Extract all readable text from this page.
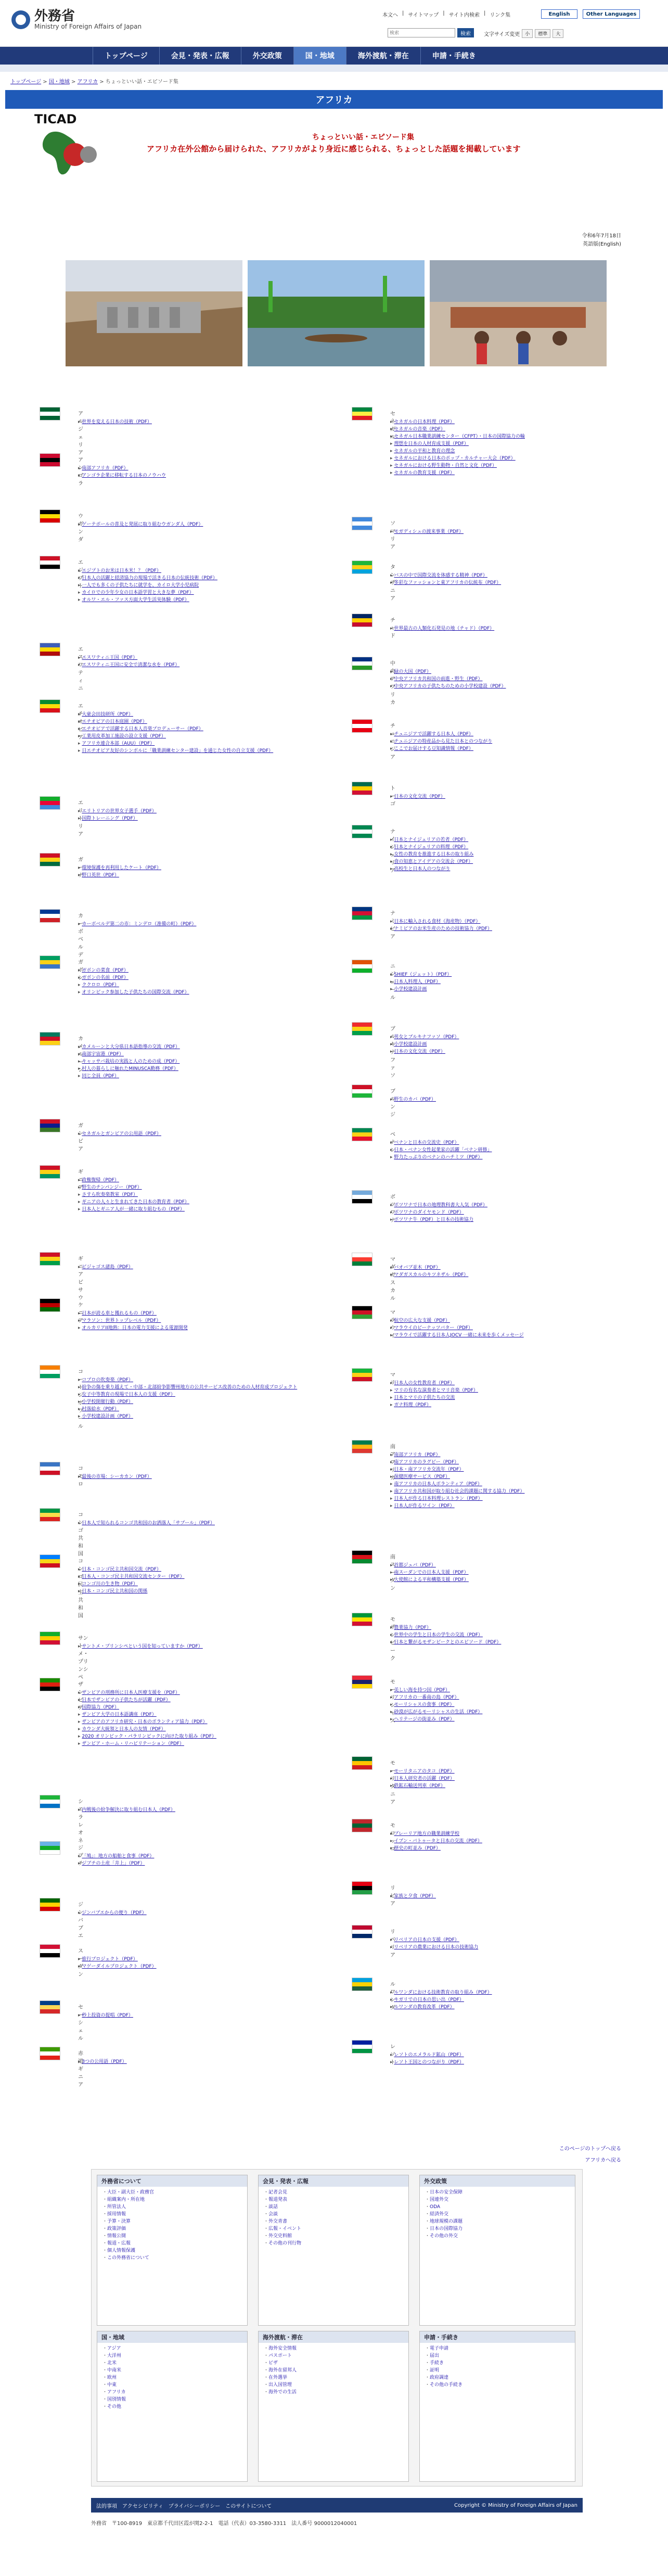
外務省
Ministry of Foreign Affairs of Japan
本文へ | サイトマップ | サイト内検索 | リンク集	English	Other Languages
検索
検索	文字サイズ変更	小	標準	大
トップページ	会見・発表・広報	外交政策	国・地域	海外渡航・滞在	申請・手続き
トップページ > 国・地域 > アフリカ > ちょっといい話・エピソード集
アフリカ
TICAD
ちょっといい話・エピソード集
アフリカ在外公館から届けられた、アフリカがより身近に感じられる、ちょっとした話題を掲載しています
令和6年7月18日
英語版(English)
アルジェリア
▸ 世界を変える日本の技術（PDF）
アンゴラ
▸ 南部アフリカ（PDF）
▸ アンゴラ企業に移転する日本のノウハウ
ウガンダ
▸ ゲーテボールの普及と発展に取り組むウガンダ人（PDF）
エジプト
▸ エジプトのお米は日本米！？（PDF）
▸ 日本人の活躍と経済協力の現場で活きる日本の伝統技術（PDF）
▸ 一人でも多くの子供たちに就学を、カイロ大学小児病院
▸ カイロでの少年少女の日本語学習と大きな夢（PDF）
▸ オルワ・エル・ファス方面大学生活実体験（PDF）
エスワティニ
▸ エスワティニ王国（PDF）
▸ エスワティニ王国に安全で清潔な水を（PDF）
エチオピア
▸ 大豪会田技研所（PDF）
▸ エチオピアの日本庭園（PDF）
▸ エチオピアで活躍する日本人音楽プロデューサー（PDF）
▸ 工業用皮革加工施設の設立支援（PDF）
▸ アフリカ連合本部（AUU）（PDF）
▸ 日エチオピア友好のシンボルに「職業訓練センター建設」を通じた女性の自立支援（PDF）
エリトリア
▸ エリトリアの世界女子選手（PDF）
▸ 国際トレーニング（PDF）
ガーナ
▸ 環境保護を再利用したケート（PDF）
▸ 野口英世（PDF）
カーボベルデ
▸ カーボベルデ第二の市：ミンデロ（准備の町）（PDF）
ガボン
▸ ガボンの菜食（PDF）
▸ ガボンの名前（PDF）
▸ ククロロ（PDF）
▸ オリンピック参加した子供たちの国際交流（PDF）
カメルーン
▸ カメルーンと大分県日本語指導の交流（PDF）
▸ 南部宇宙港（PDF）
▸ キャッサバ栽培の実践と人のための成（PDF）
▸ 村人の暮らしに触れたMINUSCA勤務（PDF）
▸ 同じ全員（PDF）
ガンビア
▸ セネガルとガンビアの公用語（PDF）
ギニア
▸ 政権復帰（PDF）
▸ 野生のチンパンジー（PDF）
▸ さすら吹奏楽教室（PDF）
▸ ギニアの人々と生まれてきた日本の教育者（PDF）
▸ 日本人とギニア人が一緒に取り組むもの（PDF）
ギニアビサウ
▸ ビジャゴス諸島（PDF）
ケニア
▸ 日本が誇る車と獲れるもの（PDF）
▸ マラソン：世界トップレベル（PDF）
▸ オルカリアII地熱：日本の電力支援による電源開発
コートジボワール
▸ コプロの吹奏楽（PDF）
▸ 紛争の傷を乗り越えて・中部・北部紛争影響州地方の公共サービス改善のための人材育成プロジェクト
▸ 女子中等教育の現場で日本人の支援（PDF）
▸ 小学校開催行動（PDF）
▸ 村落給水（PDF）
▸ 小学校建設計画（PDF）
コモロ
▸ 最後の市場：シーカカン（PDF）
コンゴ共和国
▸ 日本人で知られるコンゴ共和国のお洒落人「サプール」（PDF）
コンゴ民主共和国
▸ 日本・コンゴ民主共和国交流（PDF）
▸ 日本人・コンゴ民主共和国交流センター（PDF）
▸ コンゴ川の生き物（PDF）
▸ 日本・コンゴ民主共和国の関係
サントメ・プリンシペ
▸ サントメ・プリンシペという国を知っていますか（PDF）
ザンビア
▸ ザンビアの刑務所に日本人医療支援を（PDF）
▸ 日本でザンビアの子供たちが活躍（PDF）
▸ 国際協力（PDF）
▸ ザンビア大学の日本語講座（PDF）
▸ ザンビアのアフリカ研究・日本のボランティア協力（PDF）
▸ カウンダ大統領と日本人の友情（PDF）
▸ 2020 オリンピック・パラリンピックに向けた取り組み（PDF）
▸ ザンビア・ホーム・リハビリテーション（PDF）
シエラレオネ
▸ 内戦後の紛争解決に取り組む日本人（PDF）
ジブチ
▸ 「鳩」：地方の船舶と食事（PDF）
▸ ジブチの土産「井上」（PDF）
ジンバブエ
▸ ジンバブエからの便り（PDF）
スーダン
▸ 旅行プロジェクト（PDF）
▸ マゲーダイルプロジェクト（PDF）
セーシェル
▸ 秒上投資の提唱（PDF）
赤道ギニア
▸ 3つの公用語（PDF）
セネガル
▸ セネガルの日本料理（PDF）
▸ セネガルの音楽（PDF）
▸ セネガル日本職業訓練センター（CFPT）・日本の国際協力の輪
▸ 理想を日本の人材育成支援（PDF）
▸ セネガルの平和と教育の理念
▸ セネガルにおける日本のポップ・カルチャー大会（PDF）
▸ セネガルにおける野生動物・自然と文化（PDF）
▸ セネガルの教育支援（PDF）
ソマリア
▸ モガディシュの渡来事業（PDF）
タンザニア
▸ バスの中で国際交流を体感する精神（PDF）
▸ 多彩なファッションと東アフリカの伝統布（PDF）
チャド
▸ 世界最古の人類化石発見の地（チャド）（PDF）
中央アフリカ
▸ 緑の大国（PDF）
▸ 中央アフリカ共和国の前進・野生（PDF）
▸ 中央アフリカの子供たちのための小学校建設（PDF）
チュニジア
▸ チュニジアで活躍する日本人（PDF）
▸ チュニジアの特産品から見た日本とのつながり
▸ ここでお届けする豆知識情報（PDF）
トーゴ
▸ 日本の文化交流（PDF）
ナイジェリア
▸ 日本とナイジェリアの若者（PDF）
▸ 日本とナイジェリアの料理（PDF）
▸ 女性の教育を推進する日本の取り組み
▸ 食の知恵とアイデアの交流会（PDF）
▸ 高校生と日本人のつながり
ナミビア
▸ 日本に輸入される食材（海産物）（PDF）
▸ ナミビアのお米生産のための技術協力（PDF）
ニジェール
▸ SHIEF（ジェット）（PDF）
▸ 日本人料理人（PDF）
▸ 小学校建設計画
ブルキナファソ
▸ 男女とブルキナファソ（PDF）
▸ 小学校建設計画
▸ 日本の文化交流（PDF）
ブルンジ
▸ 野生のカバ（PDF）
ベナン
▸ ベナンと日本の交流史（PDF）
▸ 日本・ベナン女性起業家の活躍「ベナン研修」
▸ 野力たっぷりのベナンのハチミツ（PDF）
ボツワナ
▸ ボツワナで日本の地理教科書大人気（PDF）
▸ ボツワナのダイヤモンド（PDF）
▸ ボツワナ牛（PDF）と日本の技術協力
マダガスカル
▸ バオバブ並木（PDF）
▸ マダガスカルのキツネザル（PDF）
マラウイ
▸ 航空の広大な支援（PDF）
▸ マラウイのピーナッツバター（PDF）
▸ マラウイで活躍する日本人JOCV 一緒に未来を歩くメッセージ
マリ
▸ 日本人の女性教育者（PDF）
▸ マリの有名な演奏者とマリ音楽（PDF）
▸ 日本とマリの子供たちの交流
▸ ガナ料理（PDF）
南アフリカ
▸ 南部アフリカ（PDF）
▸ 南アフリカのラグビー（PDF）
▸ 日本・南アフリカ交流年（PDF）
▸ 保健医療サービス（PDF）
▸ 南アフリカの日本人ボランティア（PDF）
▸ 南アフリカ共和国が取り組む社会的課題に関する協力（PDF）
▸ 日本人が作る日本料理レストラン（PDF）
▸ 日本人が作るワイン（PDF）
南スーダン
▸ 首都ジュバ（PDF）
▸ 南スーダンでの日本人支援（PDF）
▸ 大使館による平和構築支援（PDF）
モザンビーク
▸ 農業協力（PDF）
▸ 世界中の学生と日本の学生の交流（PDF）
▸ 日本と繋がるモザンビークとのエピソード（PDF）
モーリシャス
▸ 美しい海を持つ国（PDF）
▸ アフリカの一番南の島（PDF）
▸ モーリシャスの食事（PDF）
▸ 砂漠が広がるモーリシャスの生活（PDF）
▸ ヘリテージの街並み（PDF）
モーリタニア
▸ モーリタニアのタコ（PDF）
▸ 日本人研究者の活躍（PDF）
▸ 鉄鉱石輸送列車（PDF）
モロッコ
▸ ブレーリア地方の職業訓練学校
▸ イブン・バトゥータと日本の交流（PDF）
▸ 歴史の町並み（PDF）
リビア
▸ 家族と夕食（PDF）
リベリア
▸ リベリアの日本の支援（PDF）
▸ リベリアの農業における日本の技術協力
ルワンダ
▸ ルワンダにおける技術教育の取り組み（PDF）
▸ キガリでの日本の思い出（PDF）
▸ ルワンダの教育改革（PDF）
レソト
▸ レソトのエメラルド鉱山（PDF）
▸ レソト王国とのつながり（PDF）
このページのトップへ戻る
アフリカへ戻る
外務省について
・ 大臣・副大臣・政務官
・ 組織案内・所在地
・ 所管法人
・ 採用情報
・ 予算・決算
・ 政策評価
・ 情報公開
・ 報道・広報
・ 個人情報保護
・ この外務省について
会見・発表・広報
・ 記者会見
・ 報道発表
・ 談話
・ 会談
・ 外交青書
・ 広報・イベント
・ 外交史料館
・ その他の刊行物
外交政策
・ 日本の安全保障
・ 国連外交
・ ODA
・ 経済外交
・ 地球規模の課題
・ 日本の国際協力
・ その他の外交
国・地域
・ アジア
・ 大洋州
・ 北米
・ 中南米
・ 欧州
・ 中東
・ アフリカ
・ 国別情報
・ その他
海外渡航・滞在
・ 海外安全情報
・ パスポート
・ ビザ
・ 海外在留邦人
・ 在外選挙
・ 出入国管理
・ 海外での生活
申請・手続き
・ 電子申請
・ 届出
・ 手続き
・ 証明
・ 政府調達
・ その他の手続き
法的事項　アクセシビリティ　プライバシーポリシー　このサイトについて	Copyright © Ministry of Foreign Affairs of Japan
外務省　〒100-8919　東京都千代田区霞が関2-2-1　電話（代表）03-3580-3311　法人番号 9000012040001
